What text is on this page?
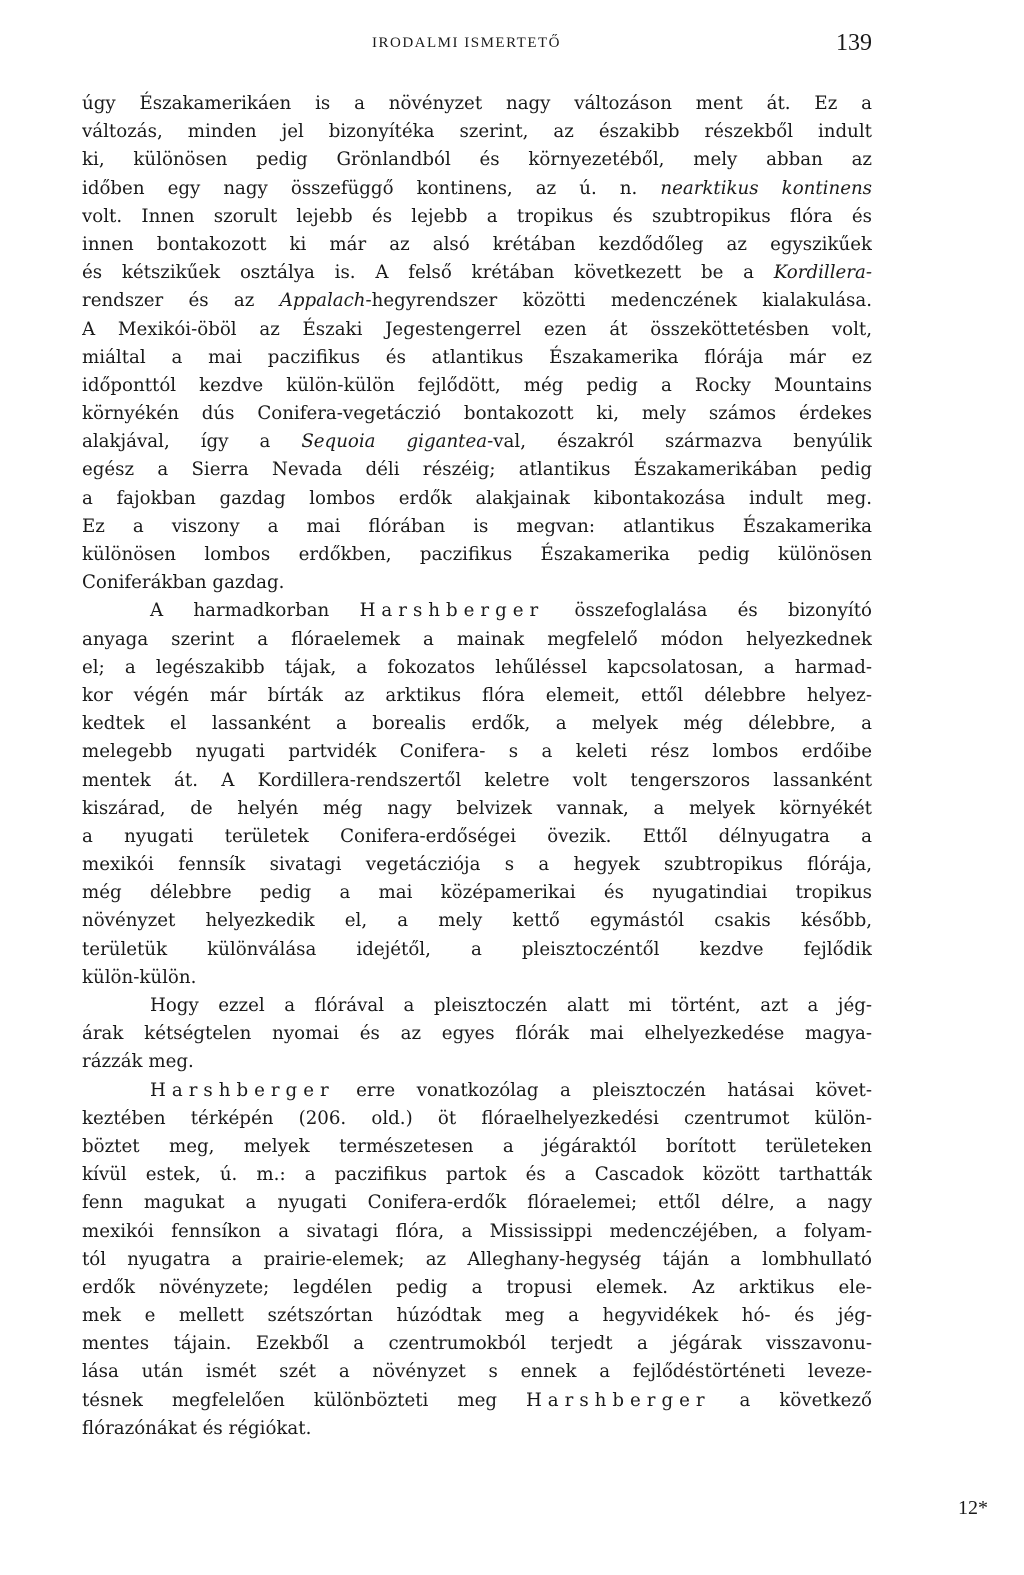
IRODALMI ISMERTETŐ	139
úgy Északamerikáen is a növényzet nagy változáson ment át. Ez a
változás, minden jel bizonyítéka szerint, az északibb részekből indult
ki, különösen pedig Grönlandból és környezetéből, mely abban az
időben egy nagy összefüggő kontinens, az ú. n. nearktikus kontinens
volt. Innen szorult lejebb és lejebb a tropikus és szubtropikus flóra és
innen bontakozott ki már az alsó krétában kezdődőleg az egyszikűek
és kétszikűek osztálya is. A felső krétában következett be a Kordillera-
rendszer és az Appalach-hegyrendszer közötti medenczének kialakulása.
A Mexikói-öböl az Északi Jegestengerrel ezen át összeköttetésben volt,
miáltal a mai paczifikus és atlantikus Északamerika flórája már ez
időponttól kezdve külön-külön fejlődött, még pedig a Rocky Mountains
környékén dús Conifera-vegetáczió bontakozott ki, mely számos érdekes
alakjával, így a Sequoia gigantea-val, északról származva benyúlik
egész a Sierra Nevada déli részéig; atlantikus Északamerikában pedig
a fajokban gazdag lombos erdők alakjainak kibontakozása indult meg.
Ez a viszony a mai flórában is megvan: atlantikus Északamerika
különösen lombos erdőkben, paczifikus Északamerika pedig különösen
Coniferákban gazdag.
A harmadkorban Harshberger összefoglalása és bizonyító
anyaga szerint a flóraelemek a mainak megfelelő módon helyezkednek
el; a legészakibb tájak, a fokozatos lehűléssel kapcsolatosan, a harmad-
kor végén már bírták az arktikus flóra elemeit, ettől délebbre helyez-
kedtek el lassanként a borealis erdők, a melyek még délebbre, a
melegebb nyugati partvidék Conifera- s a keleti rész lombos erdőibe
mentek át. A Kordillera-rendszertől keletre volt tengerszoros lassanként
kiszárad, de helyén még nagy belvizek vannak, a melyek környékét
a nyugati területek Conifera-erdőségei övezik. Ettől délnyugatra a
mexikói fennsík sivatagi vegetácziója s a hegyek szubtropikus flórája,
még délebbre pedig a mai középamerikai és nyugatindiai tropikus
növényzet helyezkedik el, a mely kettő egymástól csakis később,
területük különválása idejétől, a pleisztoczéntől kezdve fejlődik
külön-külön.
Hogy ezzel a flórával a pleisztoczén alatt mi történt, azt a jég-
árak kétségtelen nyomai és az egyes flórák mai elhelyezkedése magya-
rázzák meg.
Harshberger erre vonatkozólag a pleisztoczén hatásai követ-
keztében térképén (206. old.) öt flóraelhelyezkedési czentrumot külön-
böztet meg, melyek természetesen a jégáraktól borított területeken
kívül estek, ú. m.: a paczifikus partok és a Cascadok között tarthatták
fenn magukat a nyugati Conifera-erdők flóraelemei; ettől délre, a nagy
mexikói fennsíkon a sivatagi flóra, a Mississippi medenczéjében, a folyam-
tól nyugatra a prairie-elemek; az Alleghany-hegység táján a lombhullató
erdők növényzete; legdélen pedig a tropusi elemek. Az arktikus ele-
mek e mellett szétszórtan húzódtak meg a hegyvidékek hó- és jég-
mentes tájain. Ezekből a czentrumokból terjedt a jégárak visszavonu-
lása után ismét szét a növényzet s ennek a fejlődéstörténeti leveze-
tésnek megfelelően különbözteti meg Harshberger a következő
flórazónákat és régiókat.
12*
